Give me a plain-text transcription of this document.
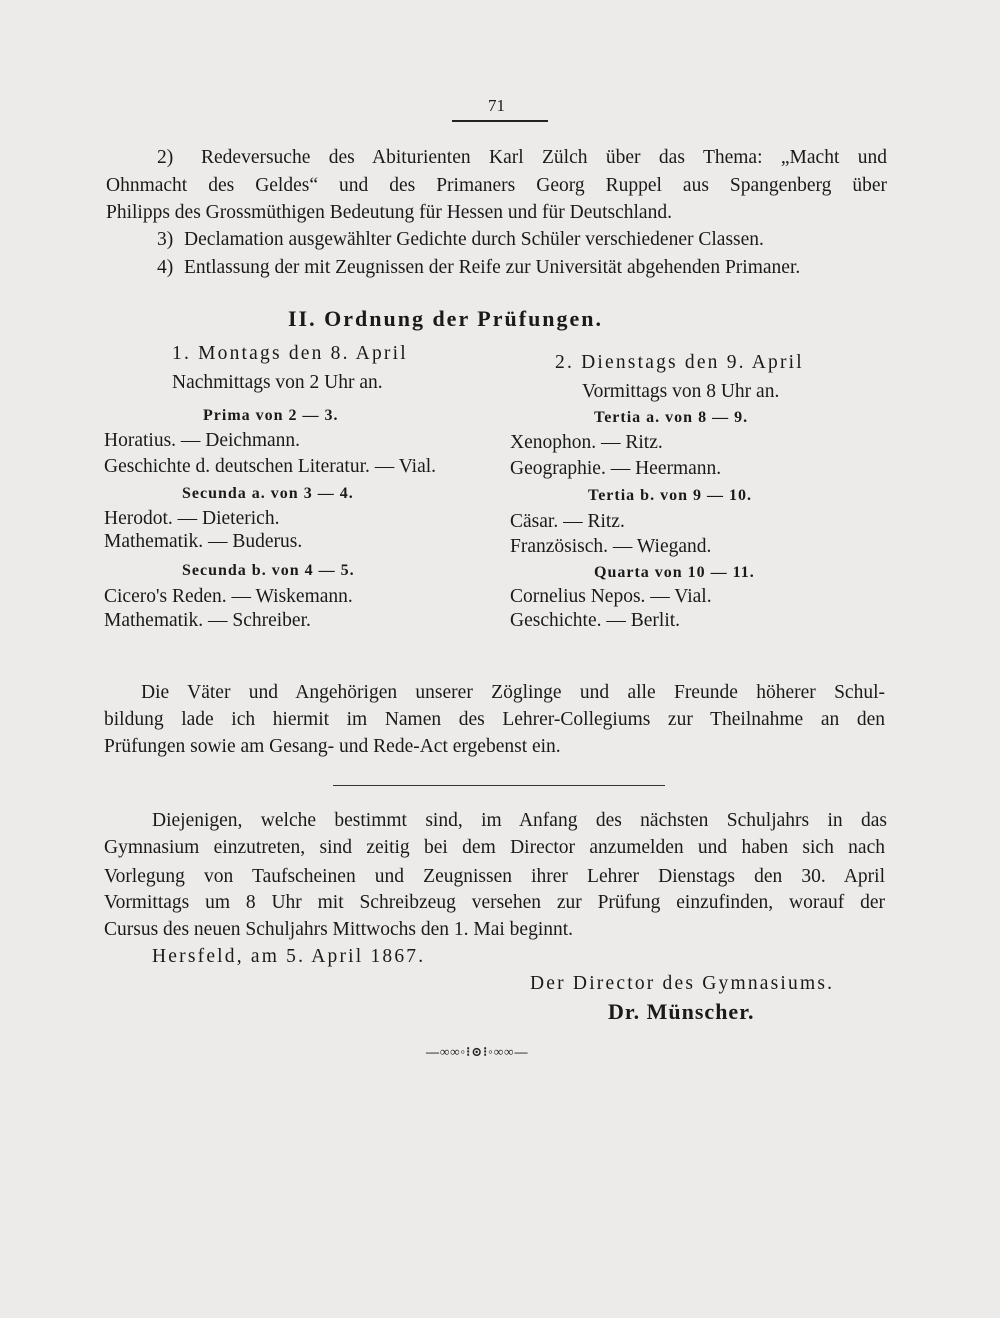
71
2) Redeversuche des Abiturienten Karl Zülch über das Thema: „Macht und
Ohnmacht des Geldes“ und des Primaners Georg Ruppel aus Spangenberg über
Philipps des Grossmüthigen Bedeutung für Hessen und für Deutschland.
3) Declamation ausgewählter Gedichte durch Schüler verschiedener Classen.
4) Entlassung der mit Zeugnissen der Reife zur Universität abgehenden Primaner.
II. Ordnung der Prüfungen.
1. Montags den 8. April
Nachmittags von 2 Uhr an.
Prima von 2 — 3.
Horatius. — Deichmann.
Geschichte d. deutschen Literatur. — Vial.
Secunda a. von 3 — 4.
Herodot. — Dieterich.
Mathematik. — Buderus.
Secunda b. von 4 — 5.
Cicero's Reden. — Wiskemann.
Mathematik. — Schreiber.
2. Dienstags den 9. April
Vormittags von 8 Uhr an.
Tertia a. von 8 — 9.
Xenophon. — Ritz.
Geographie. — Heermann.
Tertia b. von 9 — 10.
Cäsar. — Ritz.
Französisch. — Wiegand.
Quarta von 10 — 11.
Cornelius Nepos. — Vial.
Geschichte. — Berlit.
Die Väter und Angehörigen unserer Zöglinge und alle Freunde höherer Schul-
bildung lade ich hiermit im Namen des Lehrer-Collegiums zur Theilnahme an den
Prüfungen sowie am Gesang- und Rede-Act ergebenst ein.
Diejenigen, welche bestimmt sind, im Anfang des nächsten Schuljahrs in das
Gymnasium einzutreten, sind zeitig bei dem Director anzumelden und haben sich nach
Vorlegung von Taufscheinen und Zeugnissen ihrer Lehrer Dienstags den 30. April
Vormittags um 8 Uhr mit Schreibzeug versehen zur Prüfung einzufinden, worauf der
Cursus des neuen Schuljahrs Mittwochs den 1. Mai beginnt.
Hersfeld, am 5. April 1867.
Der Director des Gymnasiums.
Dr. Münscher.
—∞∞◦⁝⊙⁝◦∞∞—
